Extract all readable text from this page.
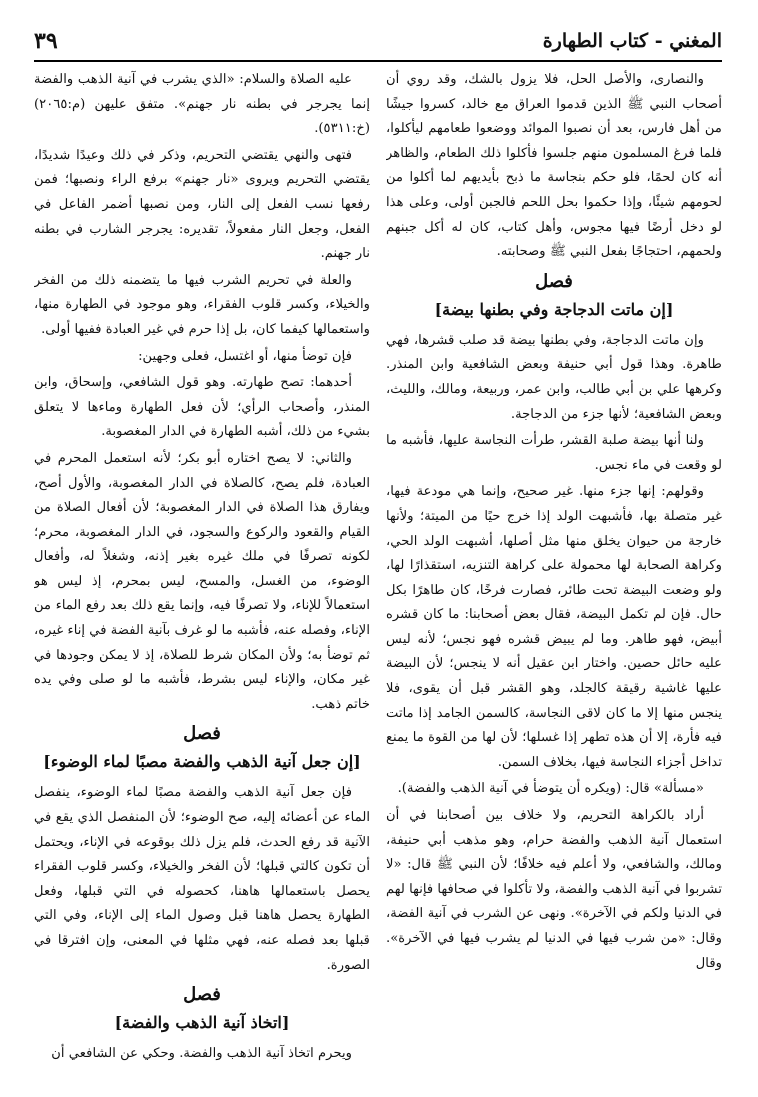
المغني - كتاب الطهارة
٣٩

والنصارى، والأصل الحل، فلا يزول بالشك، وقد روي أن أصحاب النبي ﷺ الذين قدموا العراق مع خالد، كسروا جيشًا من أهل فارس، بعد أن نصبوا الموائد ووضعوا طعامهم ليأكلوا، فلما فرغ المسلمون منهم جلسوا فأكلوا ذلك الطعام، والظاهر أنه كان لحمًا، فلو حكم بنجاسة ما ذبح بأيديهم لما أكلوا من لحومهم شيئًا، وإذا حكموا بحل اللحم فالجبن أولى، وعلى هذا لو دخل أرضًا فيها مجوس، وأهل كتاب، كان له أكل جبنهم ولحمهم، احتجاجًا بفعل النبي ﷺ وصحابته.

فصل
[إن ماتت الدجاجة وفي بطنها بيضة]

وإن ماتت الدجاجة، وفي بطنها بيضة قد صلب قشرها، فهي طاهرة. وهذا قول أبي حنيفة وبعض الشافعية وابن المنذر. وكرهها علي بن أبي طالب، وابن عمر، وربيعة، ومالك، والليث، وبعض الشافعية؛ لأنها جزء من الدجاجة.

ولنا أنها بيضة صلبة القشر، طرأت النجاسة عليها، فأشبه ما لو وقعت في ماء نجس.

وقولهم: إنها جزء منها. غير صحيح، وإنما هي مودعة فيها، غير متصلة بها، فأشبهت الولد إذا خرج حيًا من الميتة؛ ولأنها خارجة من حيوان يخلق منها مثل أصلها، أشبهت الولد الحي، وكراهة الصحابة لها محمولة على كراهة التنزيه، استقذارًا لها، ولو وضعت البيضة تحت طائر، فصارت فرخًا، كان طاهرًا بكل حال. فإن لم تكمل البيضة، فقال بعض أصحابنا: ما كان قشره أبيض، فهو طاهر. وما لم يبيض قشره فهو نجس؛ لأنه ليس عليه حائل حصين. واختار ابن عقيل أنه لا ينجس؛ لأن البيضة عليها غاشية رقيقة كالجلد، وهو القشر قبل أن يقوى، فلا ينجس منها إلا ما كان لاقى النجاسة، كالسمن الجامد إذا ماتت فيه فأرة، إلا أن هذه تطهر إذا غسلها؛ لأن لها من القوة ما يمنع تداخل أجزاء النجاسة فيها، بخلاف السمن.

«مسألة» قال: (ويكره أن يتوضأ في آنية الذهب والفضة).

أراد بالكراهة التحريم، ولا خلاف بين أصحابنا في أن استعمال آنية الذهب والفضة حرام، وهو مذهب أبي حنيفة، ومالك، والشافعي، ولا أعلم فيه خلافًا؛ لأن النبي ﷺ قال: «لا تشربوا في آنية الذهب والفضة، ولا تأكلوا في صحافها فإنها لهم في الدنيا ولكم في الآخرة». ونهى عن الشرب في آنية الفضة، وقال: «من شرب فيها في الدنيا لم يشرب فيها في الآخرة». وقال

عليه الصلاة والسلام: «الذي يشرب في آنية الذهب والفضة إنما يجرجر في بطنه نار جهنم». متفق عليهن (م:٢٠٦٥) (خ:٥٣١١).

فتهى والنهي يقتضي التحريم، وذكر في ذلك وعيدًا شديدًا، يقتضي التحريم ويروى «نار جهنم» برفع الراء ونصبها؛ فمن رفعها نسب الفعل إلى النار، ومن نصبها أضمر الفاعل في الفعل، وجعل النار مفعولاً، تقديره: يجرجر الشارب في بطنه نار جهنم.

والعلة في تحريم الشرب فيها ما يتضمنه ذلك من الفخر والخيلاء، وكسر قلوب الفقراء، وهو موجود في الطهارة منها، واستعمالها كيفما كان، بل إذا حرم في غير العبادة ففيها أولى.

فإن توضأ منها، أو اغتسل، فعلى وجهين:

أحدهما: تصح طهارته. وهو قول الشافعي، وإسحاق، وابن المنذر، وأصحاب الرأي؛ لأن فعل الطهارة وماءها لا يتعلق بشيء من ذلك، أشبه الطهارة في الدار المغصوبة.

والثاني: لا يصح اختاره أبو بكر؛ لأنه استعمل المحرم في العبادة، فلم يصح، كالصلاة في الدار المغصوبة، والأول أصح، ويفارق هذا الصلاة في الدار المغصوبة؛ لأن أفعال الصلاة من القيام والقعود والركوع والسجود، في الدار المغصوبة، محرم؛ لكونه تصرفًا في ملك غيره بغير إذنه، وشغلاً له، وأفعال الوضوء، من الغسل، والمسح، ليس بمحرم، إذ ليس هو استعمالاً للإناء، ولا تصرفًا فيه، وإنما يقع ذلك بعد رفع الماء من الإناء، وفصله عنه، فأشبه ما لو غرف بآنية الفضة في إناء غيره، ثم توضأ به؛ ولأن المكان شرط للصلاة، إذ لا يمكن وجودها في غير مكان، والإناء ليس بشرط، فأشبه ما لو صلى وفي يده خاتم ذهب.

فصل
[إن جعل آنية الذهب والفضة مصبًا لماء الوضوء]

فإن جعل آنية الذهب والفضة مصبًا لماء الوضوء، ينفصل الماء عن أعضائه إليه، صح الوضوء؛ لأن المنفصل الذي يقع في الآنية قد رفع الحدث، فلم يزل ذلك بوقوعه في الإناء، ويحتمل أن تكون كالتي قبلها؛ لأن الفخر والخيلاء، وكسر قلوب الفقراء يحصل باستعمالها هاهنا، كحصوله في التي قبلها، وفعل الطهارة يحصل هاهنا قبل وصول الماء إلى الإناء، وفي التي قبلها بعد فصله عنه، فهي مثلها في المعنى، وإن افترقا في الصورة.

فصل
[اتخاذ آنية الذهب والفضة]

ويحرم اتخاذ آنية الذهب والفضة. وحكي عن الشافعي أن
